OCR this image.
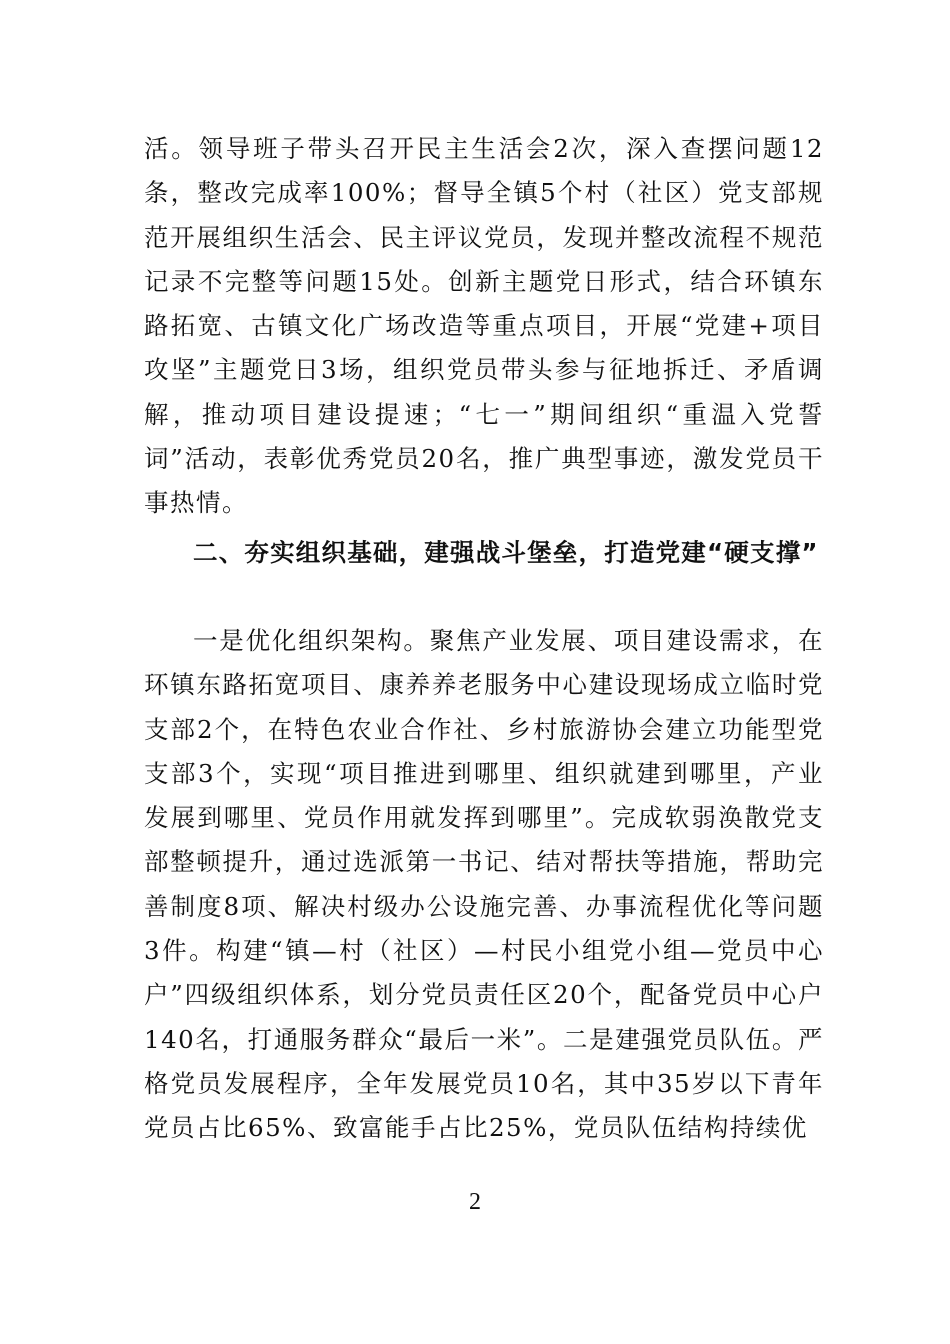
活。领导班子带头召开民主生活会2次，深入查摆问题12条，整改完成率100%；督导全镇5个村（社区）党支部规范开展组织生活会、民主评议党员，发现并整改流程不规范记录不完整等问题15处。创新主题党日形式，结合环镇东路拓宽、古镇文化广场改造等重点项目，开展“党建+项目攻坚”主题党日3场，组织党员带头参与征地拆迁、矛盾调解，推动项目建设提速；“七一”期间组织“重温入党誓词”活动，表彰优秀党员20名，推广典型事迹，激发党员干事热情。

二、夯实组织基础，建强战斗堡垒，打造党建“硬支撑”

一是优化组织架构。聚焦产业发展、项目建设需求，在环镇东路拓宽项目、康养养老服务中心建设现场成立临时党支部2个，在特色农业合作社、乡村旅游协会建立功能型党支部3个，实现“项目推进到哪里、组织就建到哪里，产业发展到哪里、党员作用就发挥到哪里”。完成软弱涣散党支部整顿提升，通过选派第一书记、结对帮扶等措施，帮助完善制度8项、解决村级办公设施完善、办事流程优化等问题3件。构建“镇—村（社区）—村民小组党小组—党员中心户”四级组织体系，划分党员责任区20个，配备党员中心户140名，打通服务群众“最后一米”。二是建强党员队伍。严格党员发展程序，全年发展党员10名，其中35岁以下青年党员占比65%、致富能手占比25%，党员队伍结构持续优

2
